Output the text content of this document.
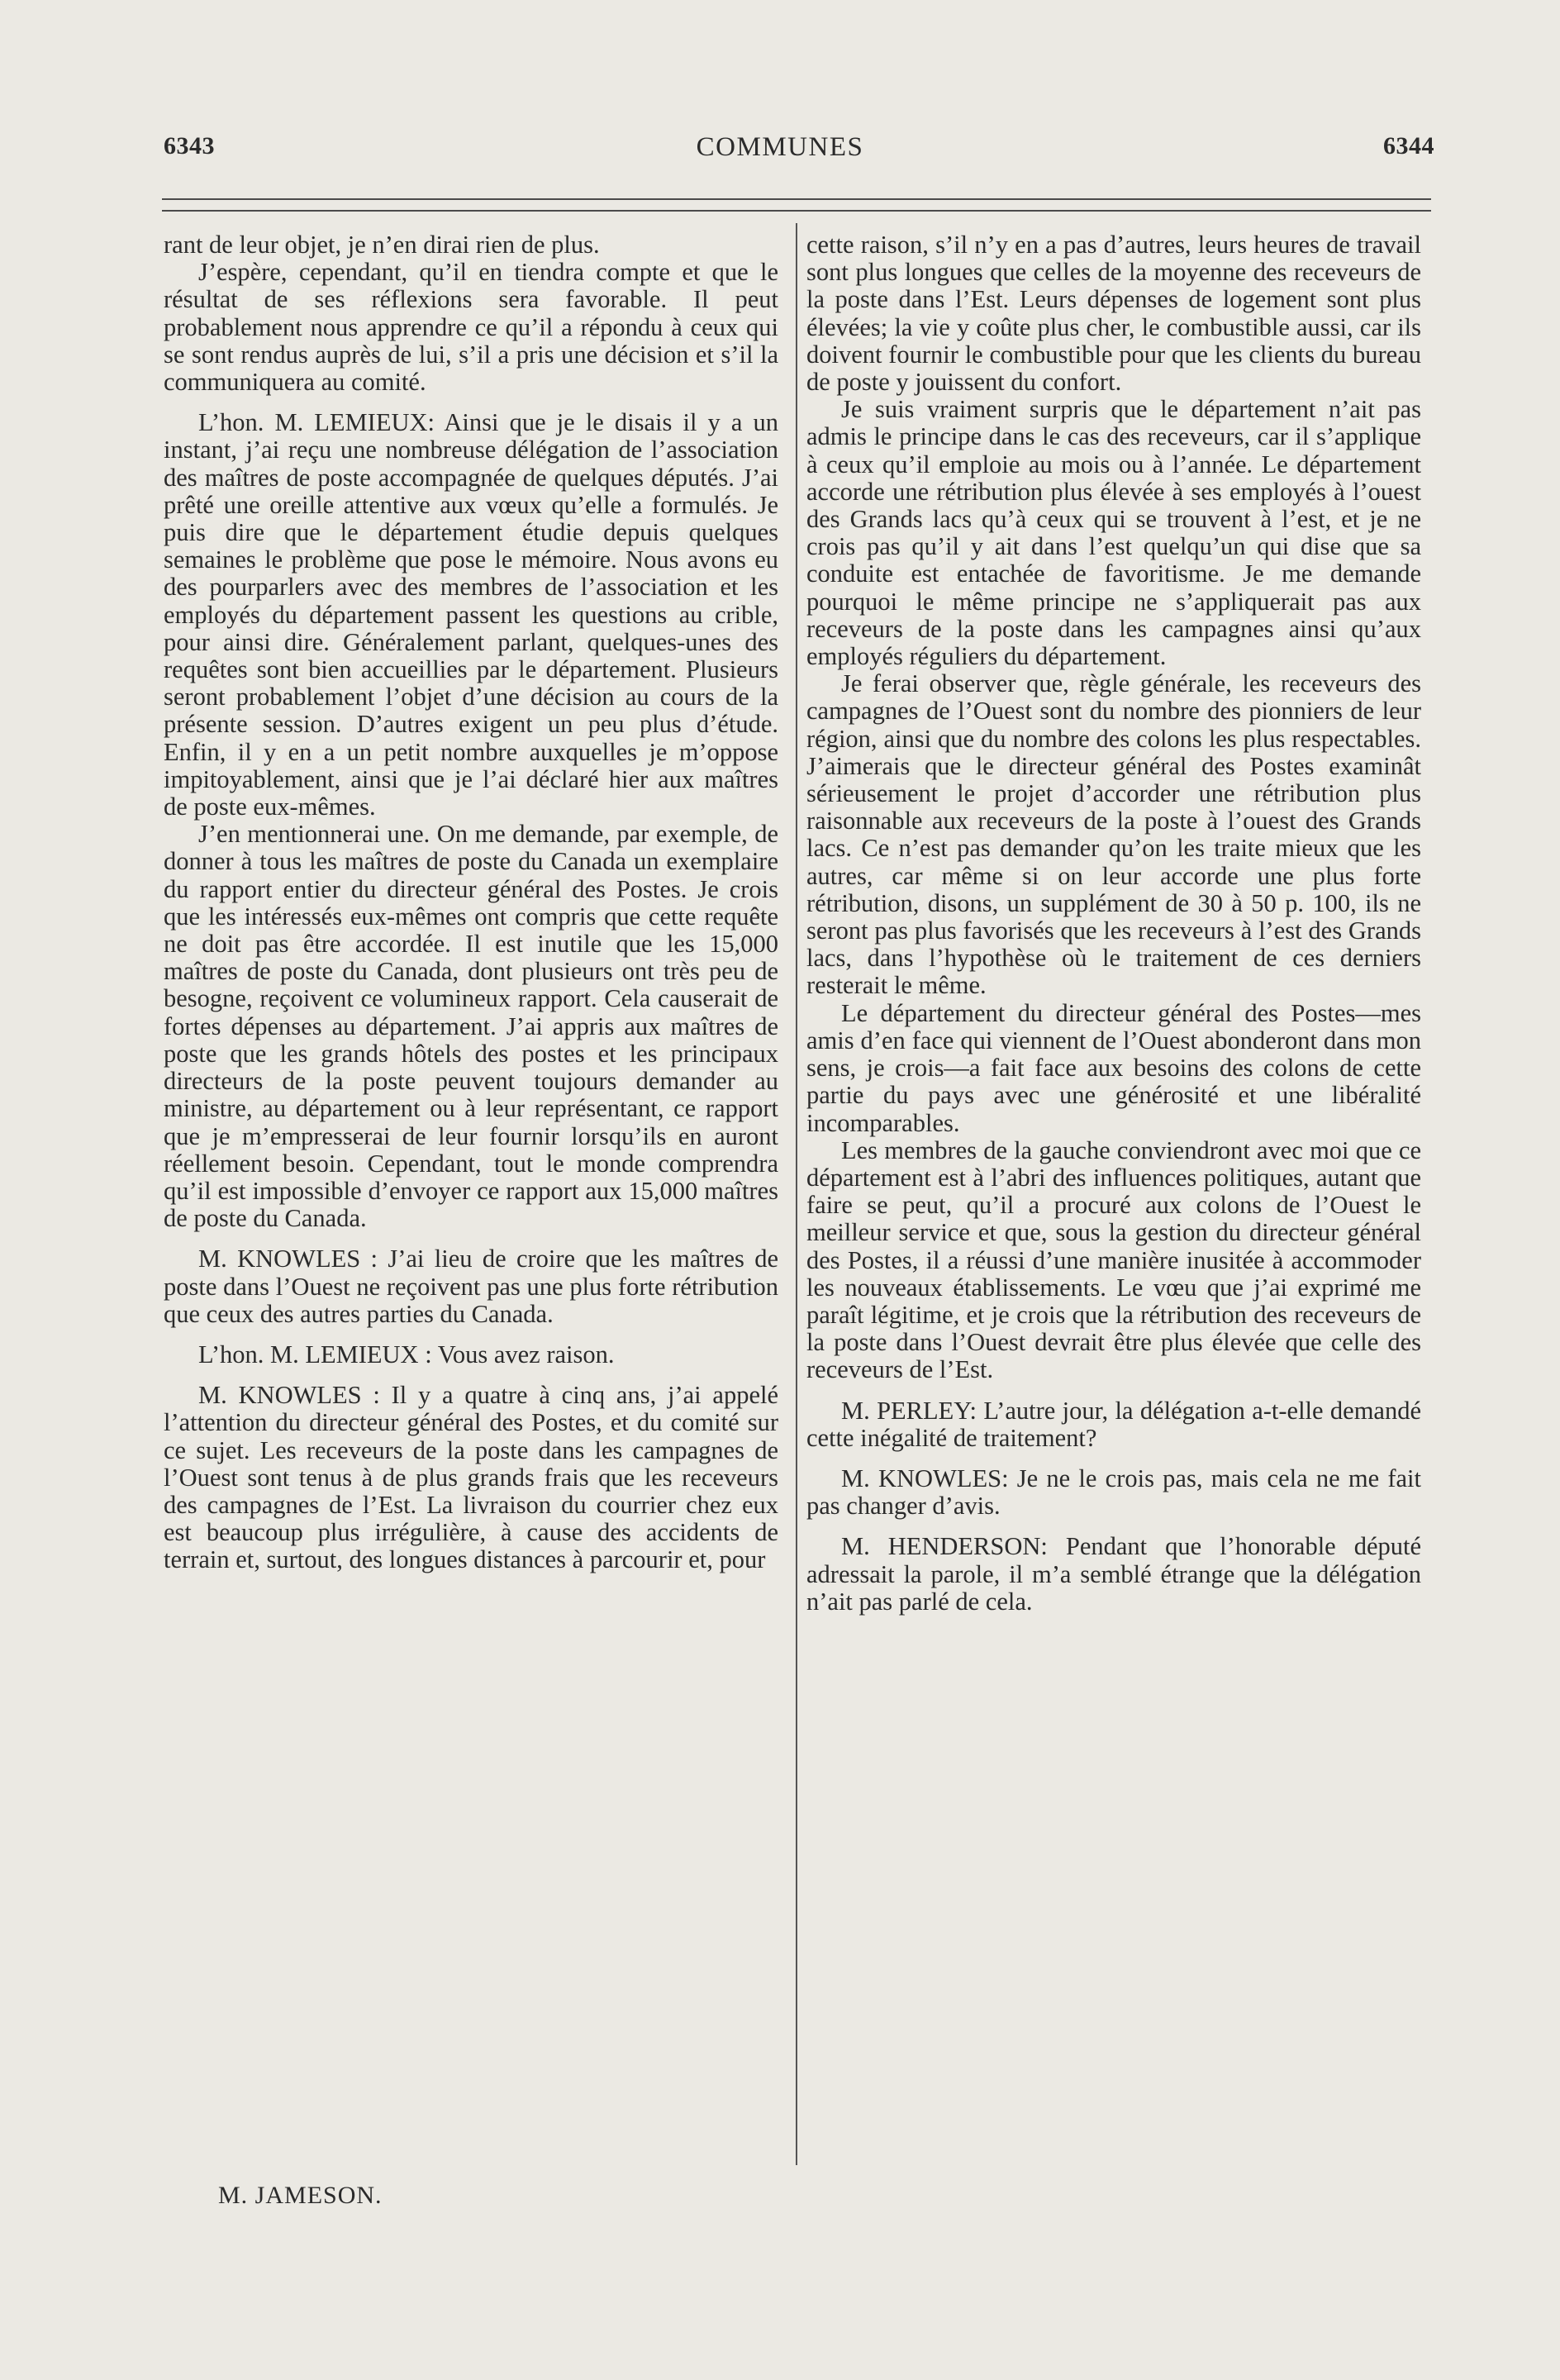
6343	COMMUNES	6344

rant de leur objet, je n’en dirai rien de plus.

J’espère, cependant, qu’il en tiendra compte et que le résultat de ses réflexions sera favorable. Il peut probablement nous apprendre ce qu’il a répondu à ceux qui se sont rendus auprès de lui, s’il a pris une décision et s’il la communiquera au comité.

L’hon. M. LEMIEUX: Ainsi que je le disais il y a un instant, j’ai reçu une nombreuse délégation de l’association des maîtres de poste accompagnée de quelques députés. J’ai prêté une oreille attentive aux vœux qu’elle a formulés. Je puis dire que le département étudie depuis quelques semaines le problème que pose le mémoire. Nous avons eu des pourparlers avec des membres de l’association et les employés du département passent les questions au crible, pour ainsi dire. Généralement parlant, quelques-unes des requêtes sont bien accueillies par le département. Plusieurs seront probablement l’objet d’une décision au cours de la présente session. D’autres exigent un peu plus d’étude. Enfin, il y en a un petit nombre auxquelles je m’oppose impitoyablement, ainsi que je l’ai déclaré hier aux maîtres de poste eux-mêmes.

J’en mentionnerai une. On me demande, par exemple, de donner à tous les maîtres de poste du Canada un exemplaire du rapport entier du directeur général des Postes. Je crois que les intéressés eux-mêmes ont compris que cette requête ne doit pas être accordée. Il est inutile que les 15,000 maîtres de poste du Canada, dont plusieurs ont très peu de besogne, reçoivent ce volumineux rapport. Cela causerait de fortes dépenses au département. J’ai appris aux maîtres de poste que les grands hôtels des postes et les principaux directeurs de la poste peuvent toujours demander au ministre, au département ou à leur représentant, ce rapport que je m’empresserai de leur fournir lorsqu’ils en auront réellement besoin. Cependant, tout le monde comprendra qu’il est impossible d’envoyer ce rapport aux 15,000 maîtres de poste du Canada.

M. KNOWLES : J’ai lieu de croire que les maîtres de poste dans l’Ouest ne reçoivent pas une plus forte rétribution que ceux des autres parties du Canada.

L’hon. M. LEMIEUX : Vous avez raison.

M. KNOWLES : Il y a quatre à cinq ans, j’ai appelé l’attention du directeur général des Postes, et du comité sur ce sujet. Les receveurs de la poste dans les campagnes de l’Ouest sont tenus à de plus grands frais que les receveurs des campagnes de l’Est. La livraison du courrier chez eux est beaucoup plus irrégulière, à cause des accidents de terrain et, surtout, des longues distances à parcourir et, pour

cette raison, s’il n’y en a pas d’autres, leurs heures de travail sont plus longues que celles de la moyenne des receveurs de la poste dans l’Est. Leurs dépenses de logement sont plus élevées; la vie y coûte plus cher, le combustible aussi, car ils doivent fournir le combustible pour que les clients du bureau de poste y jouissent du confort.

Je suis vraiment surpris que le département n’ait pas admis le principe dans le cas des receveurs, car il s’applique à ceux qu’il emploie au mois ou à l’année. Le département accorde une rétribution plus élevée à ses employés à l’ouest des Grands lacs qu’à ceux qui se trouvent à l’est, et je ne crois pas qu’il y ait dans l’est quelqu’un qui dise que sa conduite est entachée de favoritisme. Je me demande pourquoi le même principe ne s’appliquerait pas aux receveurs de la poste dans les campagnes ainsi qu’aux employés réguliers du département.

Je ferai observer que, règle générale, les receveurs des campagnes de l’Ouest sont du nombre des pionniers de leur région, ainsi que du nombre des colons les plus respectables. J’aimerais que le directeur général des Postes examinât sérieusement le projet d’accorder une rétribution plus raisonnable aux receveurs de la poste à l’ouest des Grands lacs. Ce n’est pas demander qu’on les traite mieux que les autres, car même si on leur accorde une plus forte rétribution, disons, un supplément de 30 à 50 p. 100, ils ne seront pas plus favorisés que les receveurs à l’est des Grands lacs, dans l’hypothèse où le traitement de ces derniers resterait le même.

Le département du directeur général des Postes—mes amis d’en face qui viennent de l’Ouest abonderont dans mon sens, je crois—a fait face aux besoins des colons de cette partie du pays avec une générosité et une libéralité incomparables.

Les membres de la gauche conviendront avec moi que ce département est à l’abri des influences politiques, autant que faire se peut, qu’il a procuré aux colons de l’Ouest le meilleur service et que, sous la gestion du directeur général des Postes, il a réussi d’une manière inusitée à accommoder les nouveaux établissements. Le vœu que j’ai exprimé me paraît légitime, et je crois que la rétribution des receveurs de la poste dans l’Ouest devrait être plus élevée que celle des receveurs de l’Est.

M. PERLEY: L’autre jour, la délégation a-t-elle demandé cette inégalité de traitement?

M. KNOWLES: Je ne le crois pas, mais cela ne me fait pas changer d’avis.

M. HENDERSON: Pendant que l’honorable député adressait la parole, il m’a semblé étrange que la délégation n’ait pas parlé de cela.

M. JAMESON.
